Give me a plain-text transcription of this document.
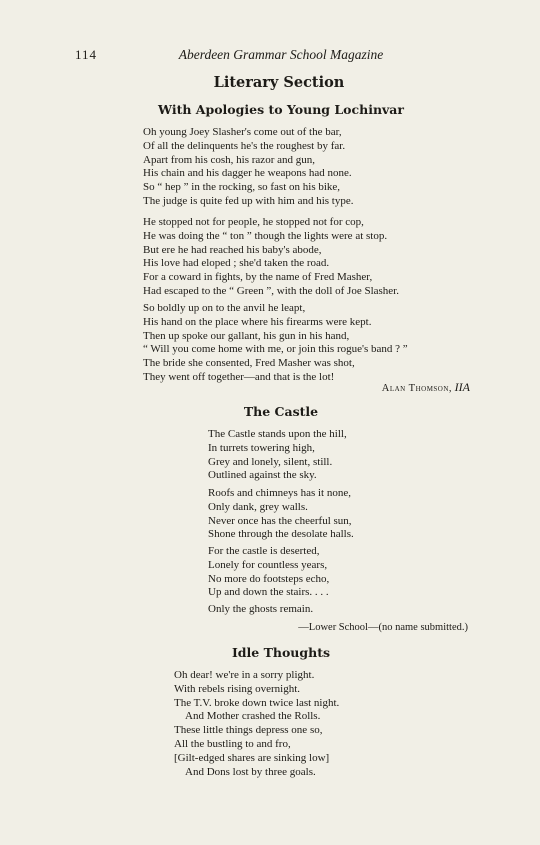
114	Aberdeen Grammar School Magazine
Literary Section
With Apologies to Young Lochinvar
Oh young Joey Slasher's come out of the bar,
Of all the delinquents he's the roughest by far.
Apart from his cosh, his razor and gun,
His chain and his dagger he weapons had none.
So “ hep ” in the rocking, so fast on his bike,
The judge is quite fed up with him and his type.
He stopped not for people, he stopped not for cop,
He was doing the “ ton ” though the lights were at stop.
But ere he had reached his baby's abode,
His love had eloped ; she'd taken the road.
For a coward in fights, by the name of Fred Masher,
Had escaped to the “ Green ”, with the doll of Joe Slasher.
So boldly up on to the anvil he leapt,
His hand on the place where his firearms were kept.
Then up spoke our gallant, his gun in his hand,
“ Will you come home with me, or join this rogue's band ? ”
The bride she consented, Fred Masher was shot,
They went off together—and that is the lot!
Alan Thomson, IIA
The Castle
The Castle stands upon the hill,
In turrets towering high,
Grey and lonely, silent, still.
Outlined against the sky.
Roofs and chimneys has it none,
Only dank, grey walls.
Never once has the cheerful sun,
Shone through the desolate halls.
For the castle is deserted,
Lonely for countless years,
No more do footsteps echo,
Up and down the stairs. . . .
Only the ghosts remain.
—Lower School—(no name submitted.)
Idle Thoughts
Oh dear! we're in a sorry plight.
With rebels rising overnight.
The T.V. broke down twice last night.
And Mother crashed the Rolls.
These little things depress one so,
All the bustling to and fro,
[Gilt-edged shares are sinking low]
And Dons lost by three goals.
